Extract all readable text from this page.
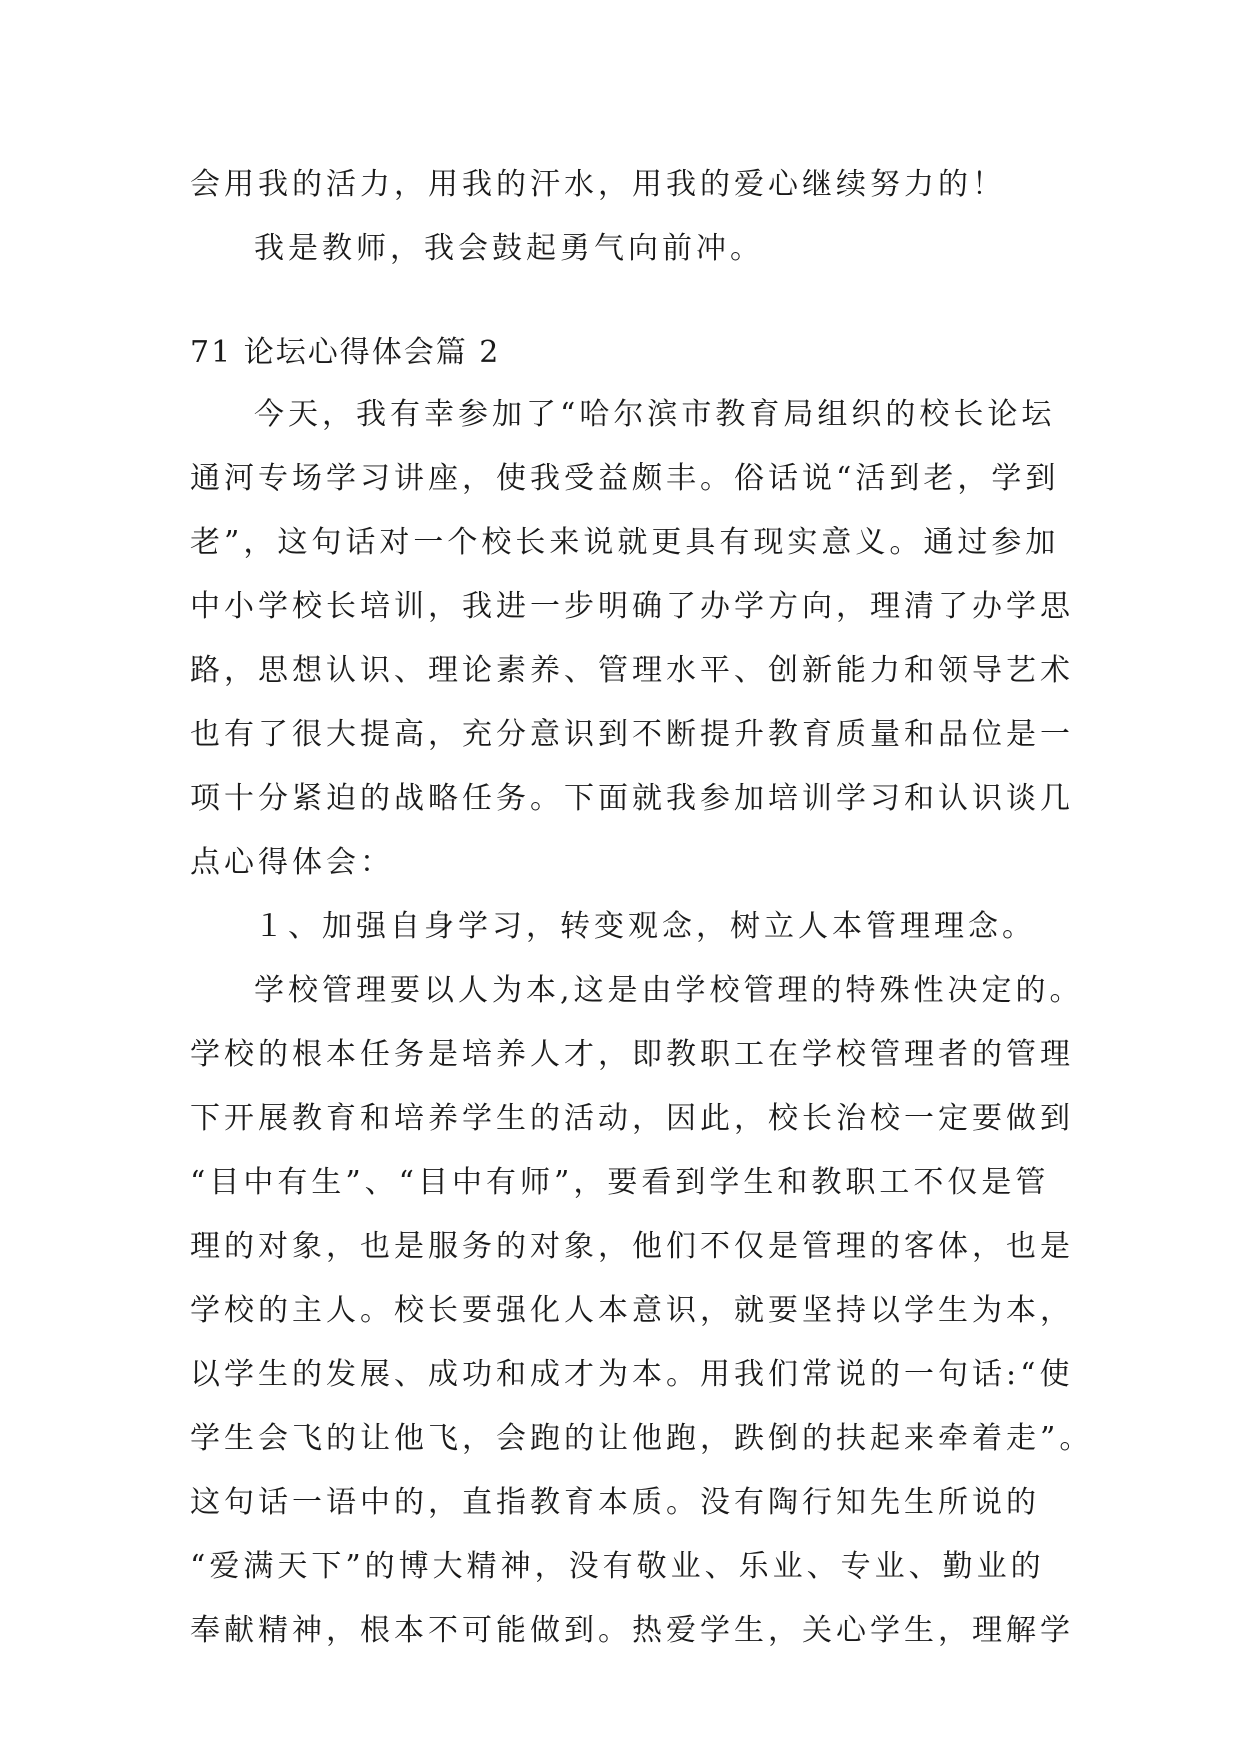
会用我的活力，用我的汗水，用我的爱心继续努力的！
我是教师，我会鼓起勇气向前冲。
71 论坛心得体会篇 2
今天，我有幸参加了“哈尔滨市教育局组织的校长论坛
通河专场学习讲座，使我受益颇丰。俗话说“活到老，学到
老”，这句话对一个校长来说就更具有现实意义。通过参加
中小学校长培训，我进一步明确了办学方向，理清了办学思
路，思想认识、理论素养、管理水平、创新能力和领导艺术
也有了很大提高，充分意识到不断提升教育质量和品位是一
项十分紧迫的战略任务。下面就我参加培训学习和认识谈几
点心得体会：
１、加强自身学习，转变观念，树立人本管理理念。
学校管理要以人为本,这是由学校管理的特殊性决定的。
学校的根本任务是培养人才，即教职工在学校管理者的管理
下开展教育和培养学生的活动，因此，校长治校一定要做到
“目中有生”、“目中有师”，要看到学生和教职工不仅是管
理的对象，也是服务的对象，他们不仅是管理的客体，也是
学校的主人。校长要强化人本意识，就要坚持以学生为本，
以学生的发展、成功和成才为本。用我们常说的一句话:“使
学生会飞的让他飞，会跑的让他跑，跌倒的扶起来牵着走”。
这句话一语中的，直指教育本质。没有陶行知先生所说的
“爱满天下”的博大精神，没有敬业、乐业、专业、勤业的
奉献精神，根本不可能做到。热爱学生，关心学生，理解学
